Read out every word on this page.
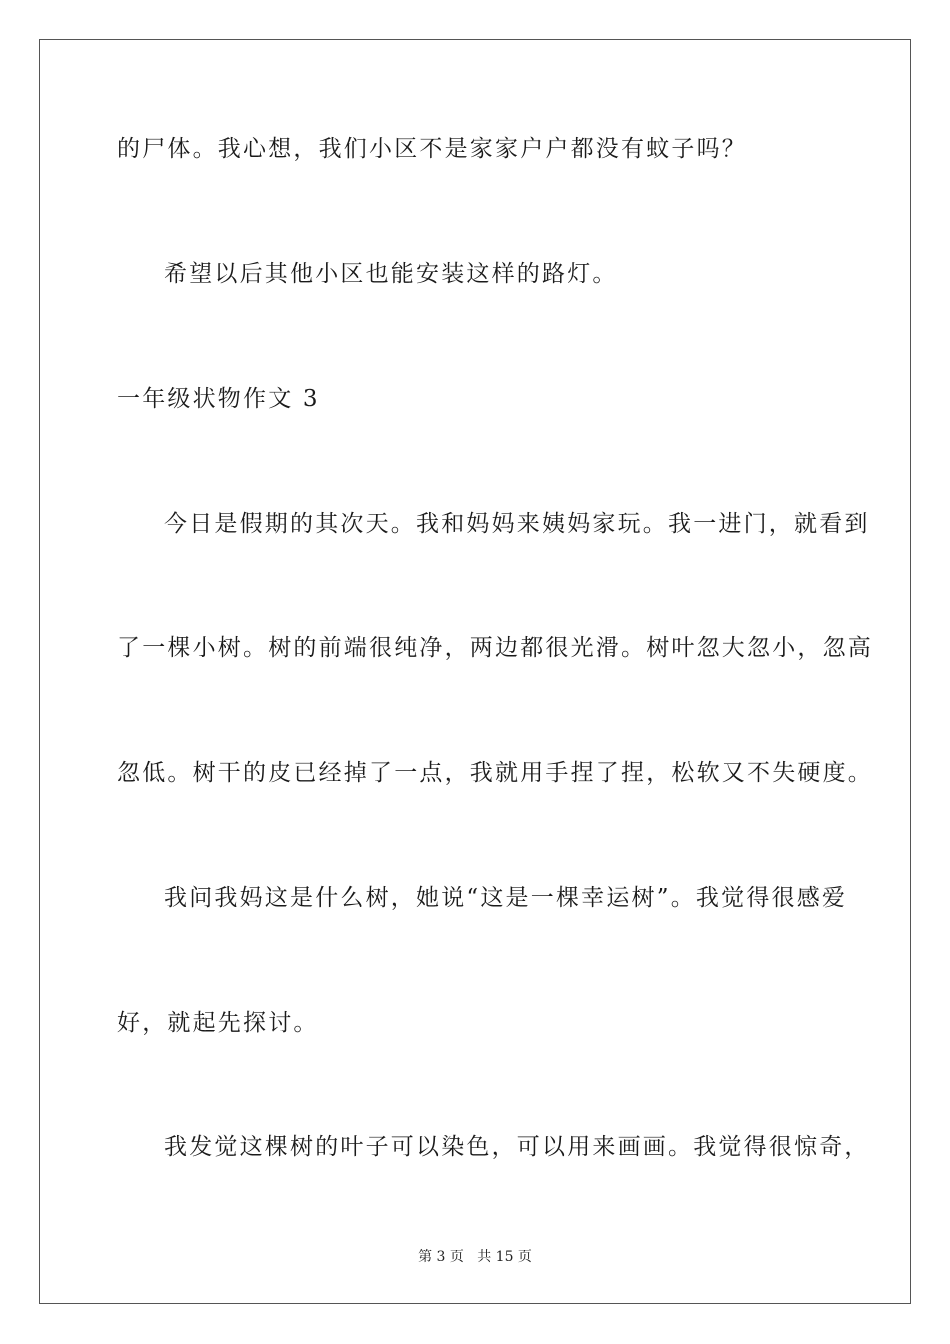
的尸体。我心想，我们小区不是家家户户都没有蚊子吗？
希望以后其他小区也能安装这样的路灯。
一年级状物作文 3
今日是假期的其次天。我和妈妈来姨妈家玩。我一进门，就看到
了一棵小树。树的前端很纯净，两边都很光滑。树叶忽大忽小，忽高
忽低。树干的皮已经掉了一点，我就用手捏了捏，松软又不失硬度。
我问我妈这是什么树，她说“这是一棵幸运树”。我觉得很感爱
好，就起先探讨。
我发觉这棵树的叶子可以染色，可以用来画画。我觉得很惊奇，
第 3 页   共 15 页
